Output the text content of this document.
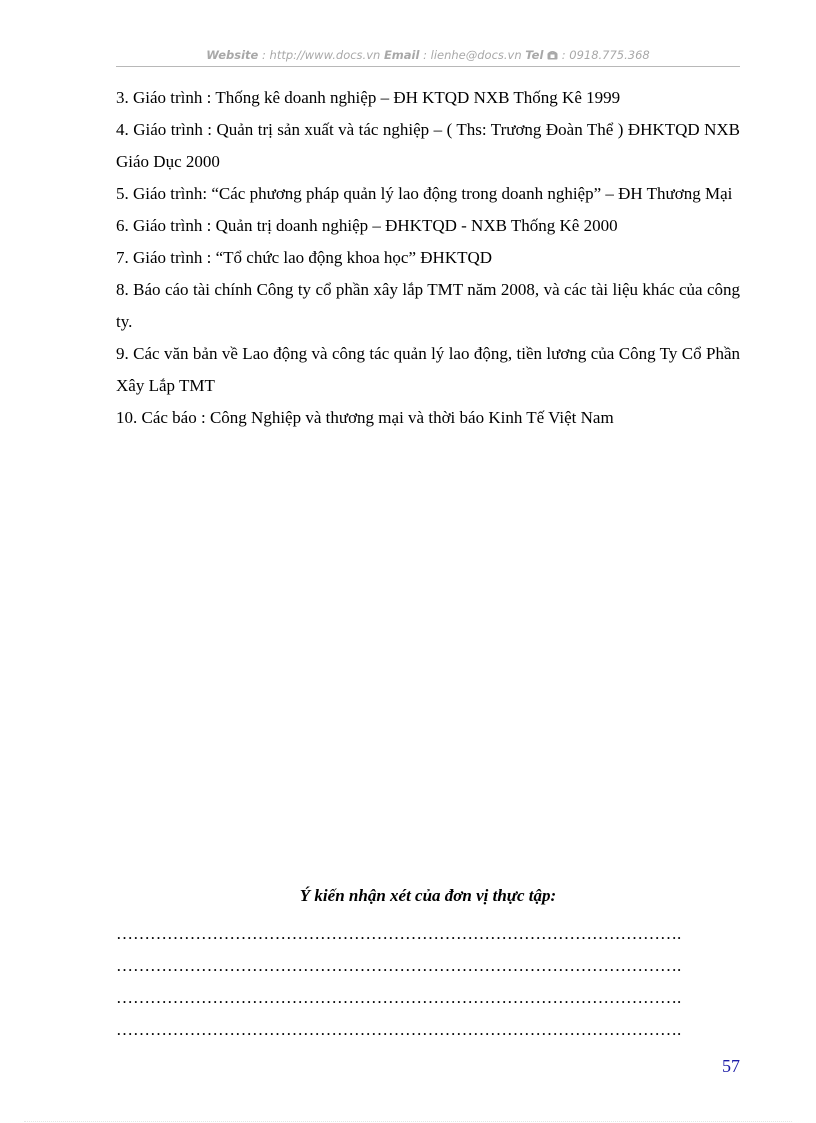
Website : http://www.docs.vn Email : lienhe@docs.vn Tel  : 0918.775.368

3. Giáo trình : Thống kê doanh nghiệp – ĐH KTQD NXB Thống Kê 1999

4. Giáo trình : Quản trị sản xuất và tác nghiệp – ( Ths: Trương Đoàn Thể ) ĐHKTQD NXB Giáo Dục 2000

5. Giáo trình: “Các phương pháp quản lý lao động trong doanh nghiệp” – ĐH Thương Mại

6. Giáo trình : Quản trị doanh nghiệp – ĐHKTQD - NXB Thống Kê 2000

7. Giáo trình : “Tổ chức lao động khoa học” ĐHKTQD

8. Báo cáo tài chính Công ty cổ phần xây lắp TMT năm 2008, và các tài liệu khác của công ty.

9. Các văn bản về Lao động và công tác quản lý lao động, tiền lương của Công Ty Cổ Phần Xây Lắp TMT

10. Các báo : Công Nghiệp và thương mại và thời báo Kinh Tế Việt Nam

Ý kiến nhận xét của đơn vị thực tập:
……………………………………………………………………………………….
……………………………………………………………………………………….
……………………………………………………………………………………….
……………………………………………………………………………………….
57
